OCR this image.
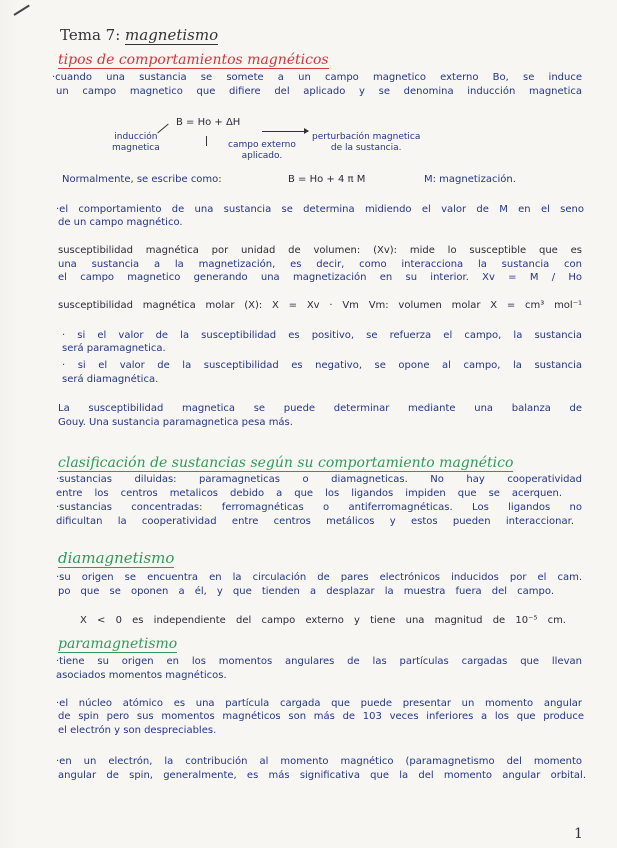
Tema 7: magnetismo
tipos de comportamientos magnéticos
·cuando una sustancia se somete a un campo magnetico externo Bo, se induce
un campo magnetico que difiere del aplicado y se denomina inducción magnetica
B = Ho + ΔH
inducción
magnetica	campo externo
aplicado.
perturbación magnetica
de la sustancia.
Normalmente, se escribe como:	B = Ho + 4 π M	M: magnetización.
·el comportamiento de una sustancia se determina midiendo el valor de M en el seno
de un campo magnético.
susceptibilidad magnética por unidad de volumen: (Xv): mide lo susceptible que es
una sustancia a la magnetización, es decir, como interacciona la sustancia con
el campo magnetico generando una magnetización en su interior. Xv = M / Ho
susceptibilidad magnética molar (X): X = Xv · Vm Vm: volumen molar X = cm³ mol⁻¹
· si el valor de la susceptibilidad es positivo, se refuerza el campo, la sustancia
será paramagnetica.
· si el valor de la susceptibilidad es negativo, se opone al campo, la sustancia
será diamagnética.
La susceptibilidad magnetica se puede determinar mediante una balanza de
Gouy. Una sustancia paramagnetica pesa más.
clasificación de sustancias según su comportamiento magnético
·sustancias diluidas: paramagneticas o diamagneticas. No hay cooperatividad
entre los centros metalicos debido a que los ligandos impiden que se acerquen.
·sustancias concentradas: ferromagnéticas o antiferromagnéticas. Los ligandos no
dificultan la cooperatividad entre centros metálicos y estos pueden interaccionar.
diamagnetismo
·su origen se encuentra en la circulación de pares electrónicos inducidos por el cam.
po que se oponen a él, y que tienden a desplazar la muestra fuera del campo.
X < 0 es independiente del campo externo y tiene una magnitud de 10⁻⁵ cm.
paramagnetismo
·tiene su origen en los momentos angulares de las partículas cargadas que llevan
asociados momentos magnéticos.
·el núcleo atómico es una partícula cargada que puede presentar un momento angular
de spin pero sus momentos magnéticos son más de 103 veces inferiores a los que produce
el electrón y son despreciables.
·en un electrón, la contribución al momento magnético (paramagnetismo del momento
angular de spin, generalmente, es más significativa que la del momento angular orbital.
1
